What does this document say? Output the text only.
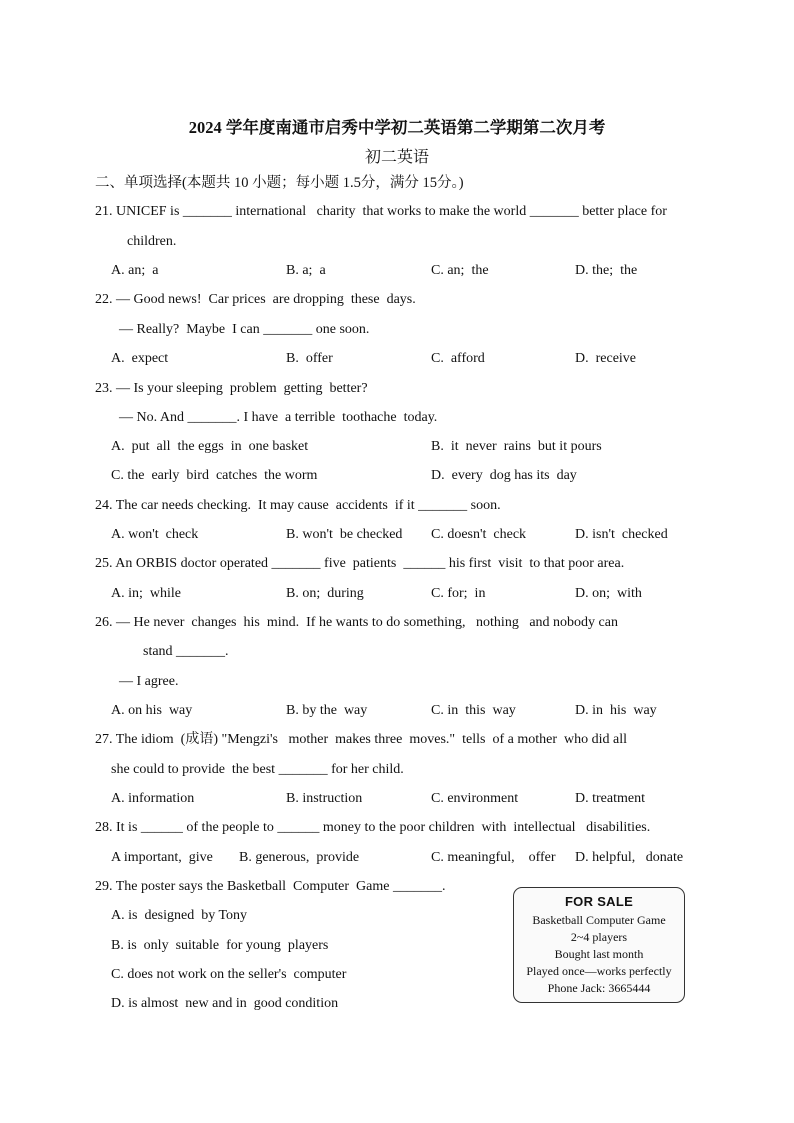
2024 学年度南通市启秀中学初二英语第二学期第二次月考
初二英语
二、单项选择(本题共 10 小题；每小题 1.5分，满分 15分。)
21. UNICEF is _______ international   charity  that works to make the world _______ better place for
children.
A. an;  a	B. a;  a	C. an;  the	D. the;  the
22. — Good news!  Car prices  are dropping  these  days.
— Really?  Maybe  I can _______ one soon.
A.  expect	B.  offer	C.  afford	D.  receive
23. — Is your sleeping  problem  getting  better?
— No. And _______. I have  a terrible  toothache  today.
A.  put  all  the eggs  in  one basket	B.  it  never  rains  but it pours
C. the  early  bird  catches  the worm	D.  every  dog has its  day
24. The car needs checking.  It may cause  accidents  if it _______ soon.
A. won't  check	B. won't  be checked C. doesn't  check	D. isn't  checked
25. An ORBIS doctor operated _______ five  patients  ______ his first  visit  to that poor area.
A. in;  while	B. on;  during	C. for;  in	D. on;  with
26. — He never  changes  his  mind.  If he wants to do something,   nothing   and nobody can
stand _______.
— I agree.
A. on his  way	B. by the  way	C. in  this  way	D. in  his  way
27. The idiom  (成语) "Mengzi's   mother  makes three  moves."  tells  of a mother  who did all
she could to provide  the best _______ for her child.
A. information	B. instruction	C. environment	D. treatment
28. It is ______ of the people to ______ money to the poor children  with  intellectual   disabilities.
A important,  give B. generous,  provide	C. meaningful,    offer D. helpful,   donate
29. The poster says the Basketball  Computer  Game _______.
A. is  designed  by Tony
B. is  only  suitable  for young  players
C. does not work on the seller's  computer
D. is almost  new and in  good condition
FOR SALE
Basketball Computer Game
2~4 players
Bought last month
Played once—works perfectly
Phone Jack: 3665444
